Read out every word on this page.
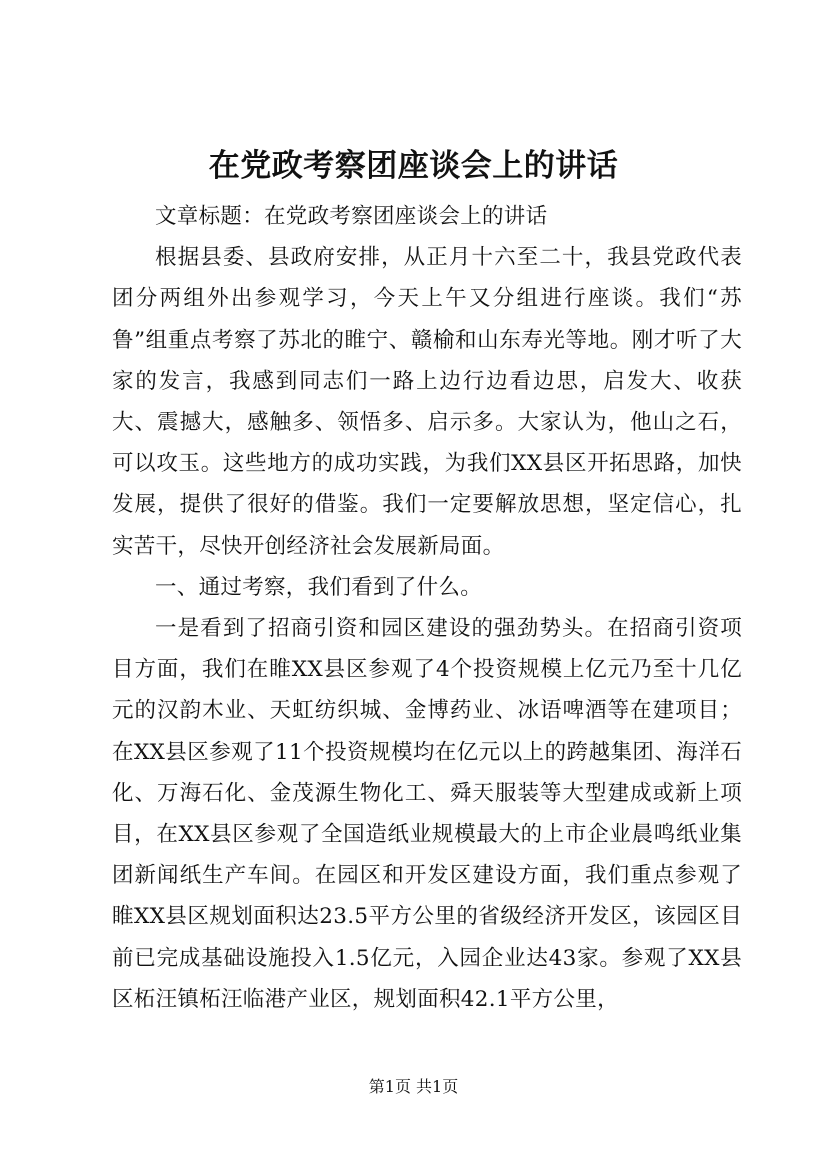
在党政考察团座谈会上的讲话

文章标题：在党政考察团座谈会上的讲话

根据县委、县政府安排，从正月十六至二十，我县党政代表团分两组外出参观学习，今天上午又分组进行座谈。我们“苏鲁”组重点考察了苏北的睢宁、赣榆和山东寿光等地。刚才听了大家的发言，我感到同志们一路上边行边看边思，启发大、收获大、震撼大，感触多、领悟多、启示多。大家认为，他山之石，可以攻玉。这些地方的成功实践，为我们XX县区开拓思路，加快发展，提供了很好的借鉴。我们一定要解放思想，坚定信心，扎实苦干，尽快开创经济社会发展新局面。

一、通过考察，我们看到了什么。

一是看到了招商引资和园区建设的强劲势头。在招商引资项目方面，我们在睢XX县区参观了4个投资规模上亿元乃至十几亿元的汉韵木业、天虹纺织城、金博药业、冰语啤酒等在建项目；在XX县区参观了11个投资规模均在亿元以上的跨越集团、海洋石化、万海石化、金茂源生物化工、舜天服装等大型建成或新上项目，在XX县区参观了全国造纸业规模最大的上市企业晨鸣纸业集团新闻纸生产车间。在园区和开发区建设方面，我们重点参观了睢XX县区规划面积达23.5平方公里的省级经济开发区，该园区目前已完成基础设施投入1.5亿元，入园企业达43家。参观了XX县区柘汪镇柘汪临港产业区，规划面积42.1平方公里，

第1页 共1页
